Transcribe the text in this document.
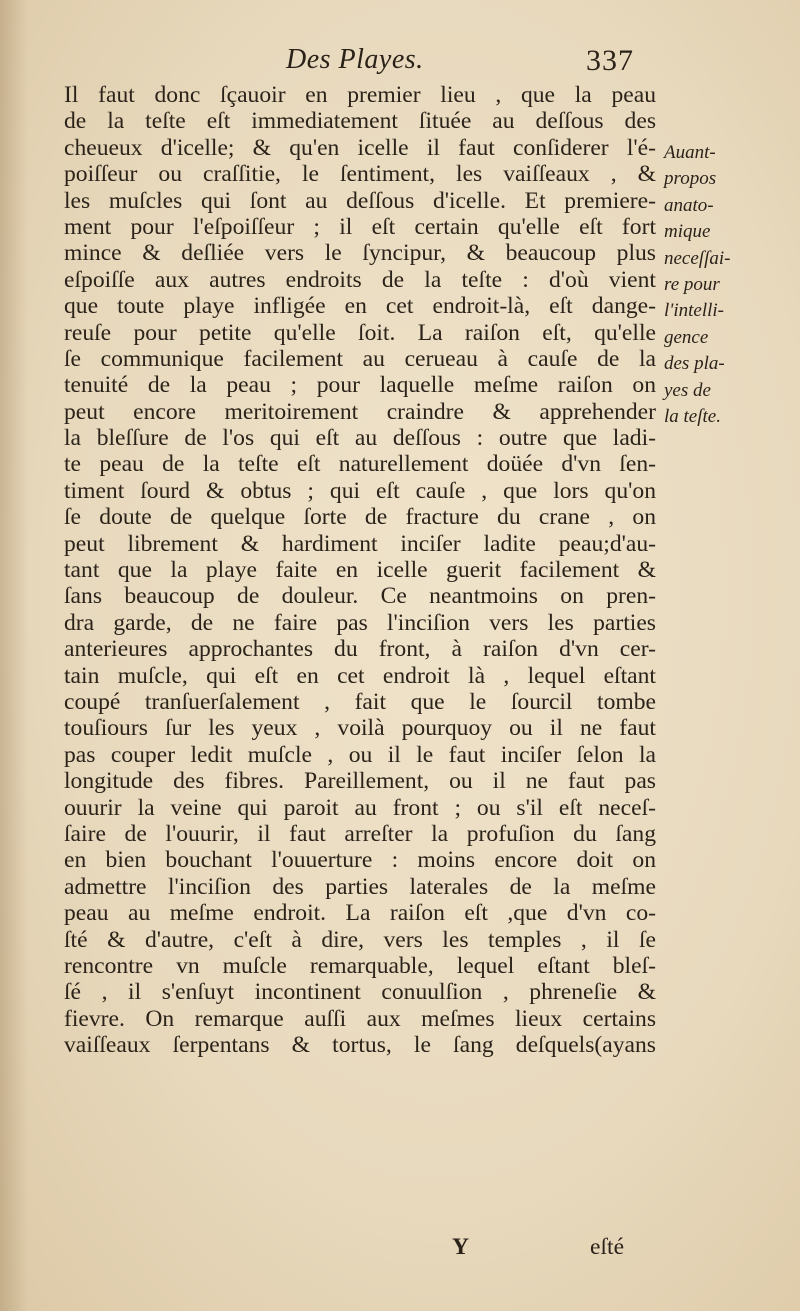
Des Playes.	337
Il faut donc ſçauoir en premier lieu , que la peau
de la teſte eſt immediatement ſituée au deſſous des
cheueux d'icelle; & qu'en icelle il faut conſiderer l'é-
poiſſeur ou craſſitie, le ſentiment, les vaiſſeaux , &
les muſcles qui ſont au deſſous d'icelle. Et premiere-
ment pour l'eſpoiſſeur ; il eſt certain qu'elle eſt fort
mince & deſliée vers le ſyncipur, & beaucoup plus
eſpoiſſe aux autres endroits de la teſte : d'où vient
que toute playe infligée en cet endroit-là, eſt dange-
reuſe pour petite qu'elle ſoit. La raiſon eſt, qu'elle
ſe communique facilement au cerueau à cauſe de la
tenuité de la peau ; pour laquelle meſme raiſon on
peut encore meritoirement craindre & apprehender
la bleſſure de l'os qui eſt au deſſous : outre que ladi-
te peau de la teſte eſt naturellement doüée d'vn ſen-
timent ſourd & obtus ; qui eſt cauſe , que lors qu'on
ſe doute de quelque ſorte de fracture du crane , on
peut librement & hardiment inciſer ladite peau;d'au-
tant que la playe faite en icelle guerit facilement &
ſans beaucoup de douleur. Ce neantmoins on pren-
dra garde, de ne faire pas l'inciſion vers les parties
anterieures approchantes du front, à raiſon d'vn cer-
tain muſcle, qui eſt en cet endroit là , lequel eſtant
coupé tranſuerſalement , fait que le ſourcil tombe
touſiours ſur les yeux , voilà pourquoy ou il ne faut
pas couper ledit muſcle , ou il le faut inciſer ſelon la
longitude des fibres. Pareillement, ou il ne faut pas
ouurir la veine qui paroit au front ; ou s'il eſt neceſ-
ſaire de l'ouurir, il faut arreſter la profuſion du ſang
en bien bouchant l'ouuerture : moins encore doit on
admettre l'inciſion des parties laterales de la meſme
peau au meſme endroit. La raiſon eſt ,que d'vn co-
ſté & d'autre, c'eſt à dire, vers les temples , il ſe
rencontre vn muſcle remarquable, lequel eſtant bleſ-
ſé , il s'enſuyt incontinent conuulſion , phreneſie &
fievre. On remarque auſſi aux meſmes lieux certains
vaiſſeaux ſerpentans & tortus, le ſang deſquels(ayans
Auant-
propos
anato-
mique
neceſſai-
re pour
l'intelli-
gence
des pla-
yes de
la teſte.
Y	eſté
